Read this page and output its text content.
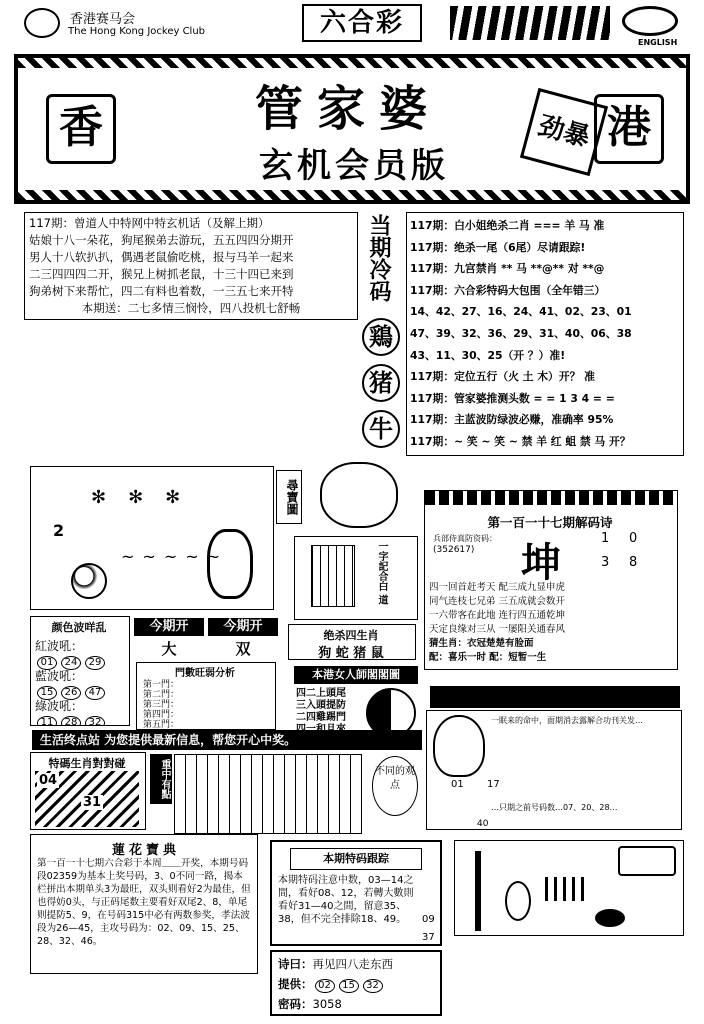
香港赛马会
The Hong Kong Jockey Club	六合彩
ENGLISH
香	管家婆
玄机会员版
劲暴 港
117期：曾道人中特网中特玄机话（及解上期）
姑娘十八一朵花，狗尾猴弟去游玩，五五四四分期开
男人十八软扒扒，偶遇老鼠偷吃桃，报与马羊一起来
二三四四四二开，猴兄上树抓老鼠，十三十四已来到
狗弟树下来帮忙，四二有料也着数，一三五七来开特
本期送：二七多情三悯怜，四八投机七舒畅
当期冷码
鶏
猪
牛
117期：白小姐绝杀二肖 === 羊 马 准
117期：绝杀一尾（6尾）尽请跟踪!
117期：九宫禁肖 ** 马 **@** 对 **@
117期：六合彩特码大包围（全年错三）
14、42、27、16、24、41、02、23、01
47、39、32、36、29、31、40、06、38
43、11、30、25（开 ？）准!
117期：定位五行（火 土 木）开？ 准
117期：管家婆推测头数 = = 1 3 4 = =
117期：主蓝波防绿波必赚，准确率 95%
117期：~ 笑 ~ 笑 ~ 禁 羊 红 蛆 禁 马 开？
2
✻✻✻
~~~~~
尋寶圖
一字記合白 道
绝杀四生肖
狗 蛇 猪 鼠
第一百一十七期解码诗
兵部侍真防资码：
(352617) 坤
1 0
3 8
四一回首赶考天 配三成九显申虎
同气连枝七兄弟 三五成就会数开
一六带客在此地 连行四五通乾坤
天定良缘对三从 一屡阳关通春风
猜生肖：衣冠楚楚有脸面
配：喜乐一时 配：短暂一生
颜色波咩乱
紅波吼：
01 24 29
藍波吼：
15 26 47
綠波吼：
11 28 32
今期开	今期开
大	双
門數旺弱分析
第一門：
第二門：
第三門：
第四門：
第五門：
本港女人師閣閣圖
四二上頭尾
三入頭提防
二四雞踢門	一眠来的命中，面期消去露解合功刊关发…
01 17
40
…只期之前号码数…07、20、28…
生活终点站 为您提供最新信息，帮您开心中奖。
特碼生肖對對碰
04
31
重中有點	不同的观点
蓮花寶典
第一百一十七期六合彩于本周＿＿开奖，本期号码段02359为基本上奖号码，3、0不同一路，揭本栏拼出本期单头3为最旺，双头则看好2为最佳，但也得妨0头，与正码尾数主要看好双尾2、8，单尾则提防5、9，在号码315中必有两数参奖，孝法波段为26—45，主攻号码为：02、09、15、25、28、32、46。
本期特码跟踪
本期特码注意中数，03—14之間，看好08、12，若轉大數則看好31—40之間，留意35、38，但不完全排除18、49。	09
37
诗曰：再见四八走东西
提供： 02 15 32
密码：3058
